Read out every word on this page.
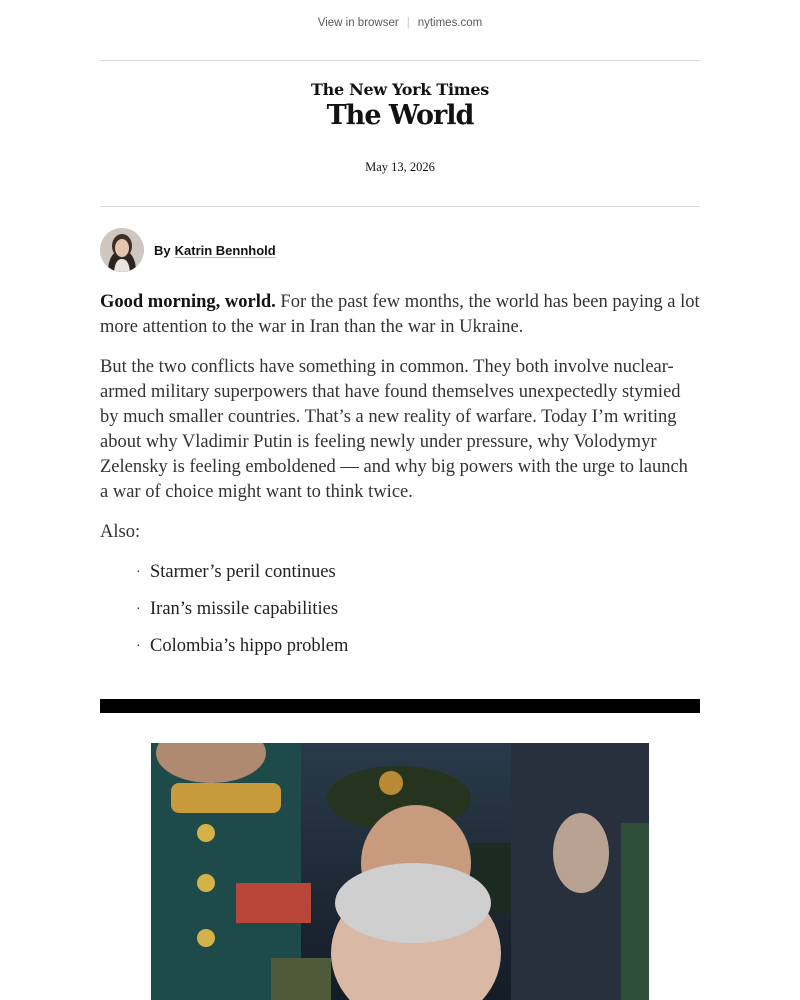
View in browser | nytimes.com
The New York Times
The World
May 13, 2026
By Katrin Bennhold

Good morning, world. For the past few months, the world has been paying a lot more attention to the war in Iran than the war in Ukraine.

But the two conflicts have something in common. They both involve nuclear-armed military superpowers that have found themselves unexpectedly stymied by much smaller countries. That’s a new reality of warfare. Today I’m writing about why Vladimir Putin is feeling newly under pressure, why Volodymyr Zelensky is feeling emboldened — and why big powers with the urge to launch a war of choice might want to think twice.

Also:

· Starmer’s peril continues
· Iran’s missile capabilities
· Colombia’s hippo problem
